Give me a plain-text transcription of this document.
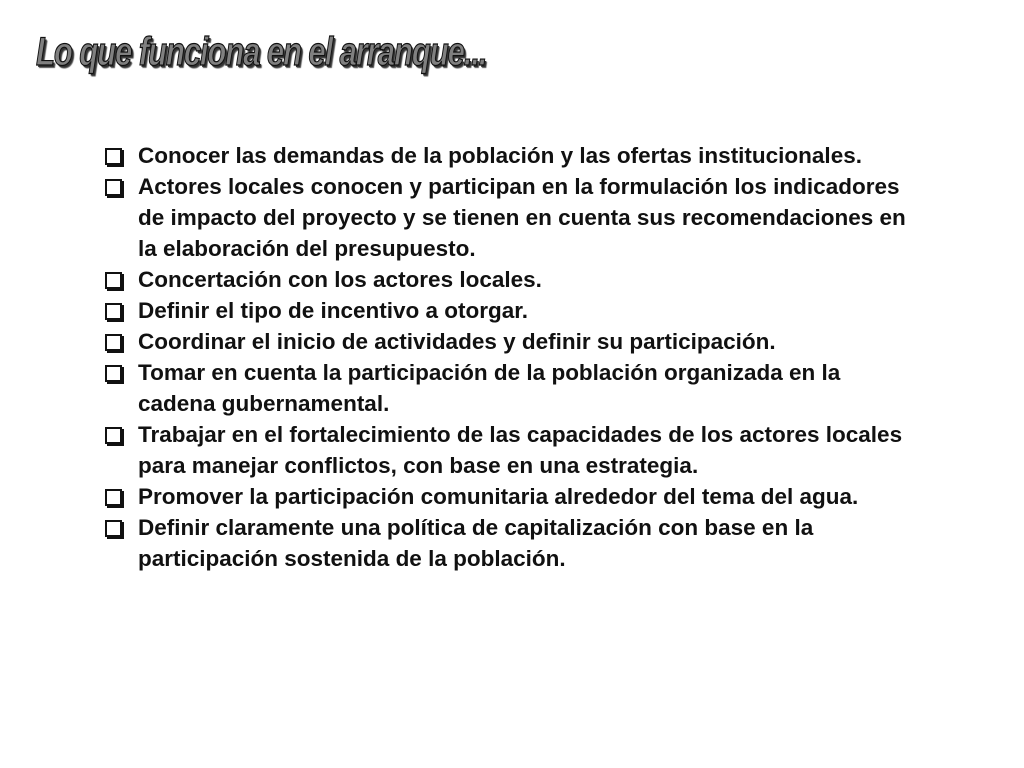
Lo que funciona en el arranque...
Conocer las demandas de la población y las ofertas institucionales.
Actores locales conocen y participan en la formulación los indicadores de impacto del proyecto y se tienen en cuenta sus recomendaciones en la elaboración del presupuesto.
Concertación con los actores locales.
Definir el tipo de incentivo a otorgar.
Coordinar el inicio de actividades y definir su participación.
Tomar en cuenta la participación de la población organizada en la cadena gubernamental.
Trabajar en el fortalecimiento de las capacidades de los actores locales para manejar conflictos, con base en una estrategia.
Promover la participación comunitaria alrededor del tema del agua.
Definir claramente una política de capitalización con base en la participación sostenida de la población.
